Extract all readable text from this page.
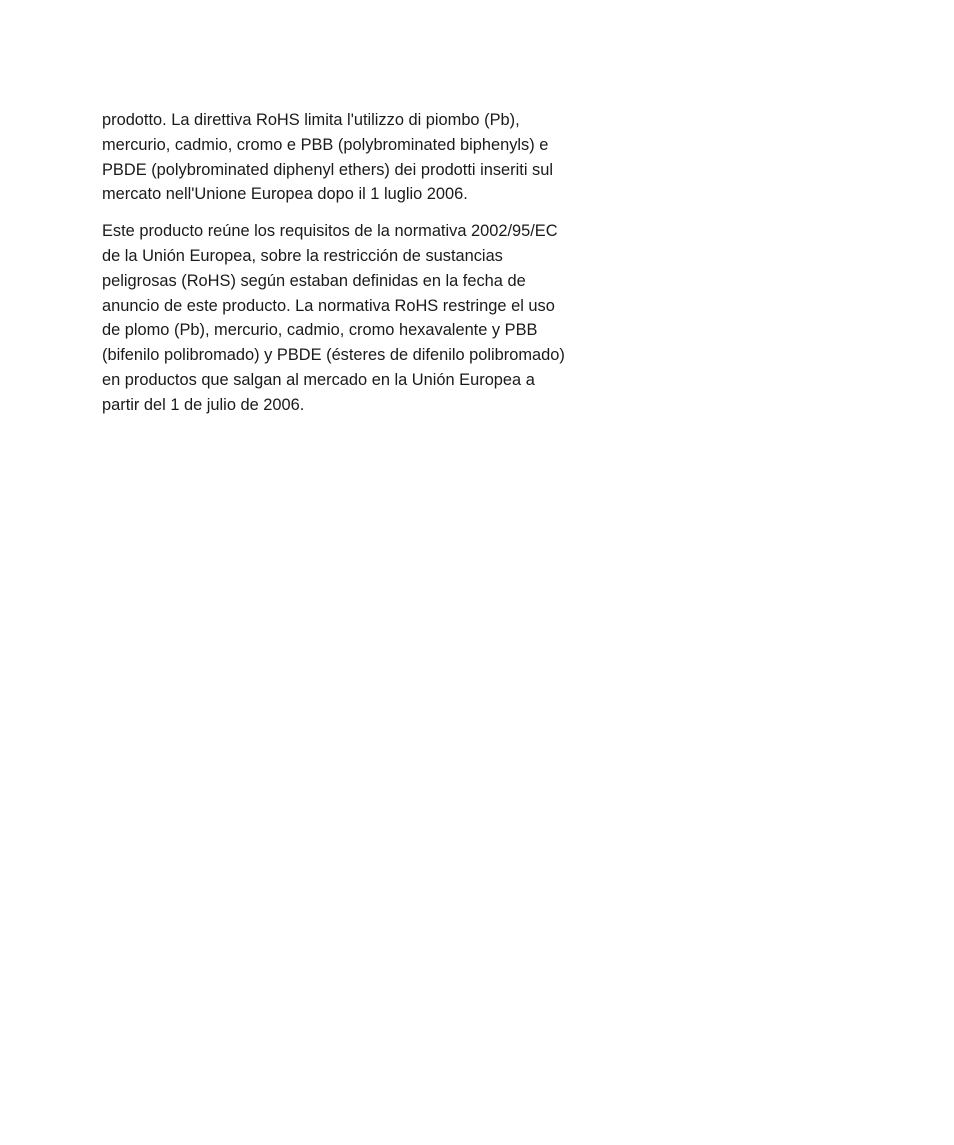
prodotto. La direttiva RoHS limita l'utilizzo di piombo (Pb),
mercurio, cadmio, cromo e PBB (polybrominated biphenyls) e
PBDE (polybrominated diphenyl ethers) dei prodotti inseriti sul
mercato nell'Unione Europea dopo il 1 luglio 2006.

Este producto reúne los requisitos de la normativa 2002/95/EC
de la Unión Europea, sobre la restricción de sustancias
peligrosas (RoHS) según estaban definidas en la fecha de
anuncio de este producto. La normativa RoHS restringe el uso
de plomo (Pb), mercurio, cadmio, cromo hexavalente y PBB
(bifenilo polibromado) y PBDE (ésteres de difenilo polibromado)
en productos que salgan al mercado en la Unión Europea a
partir del 1 de julio de 2006.
